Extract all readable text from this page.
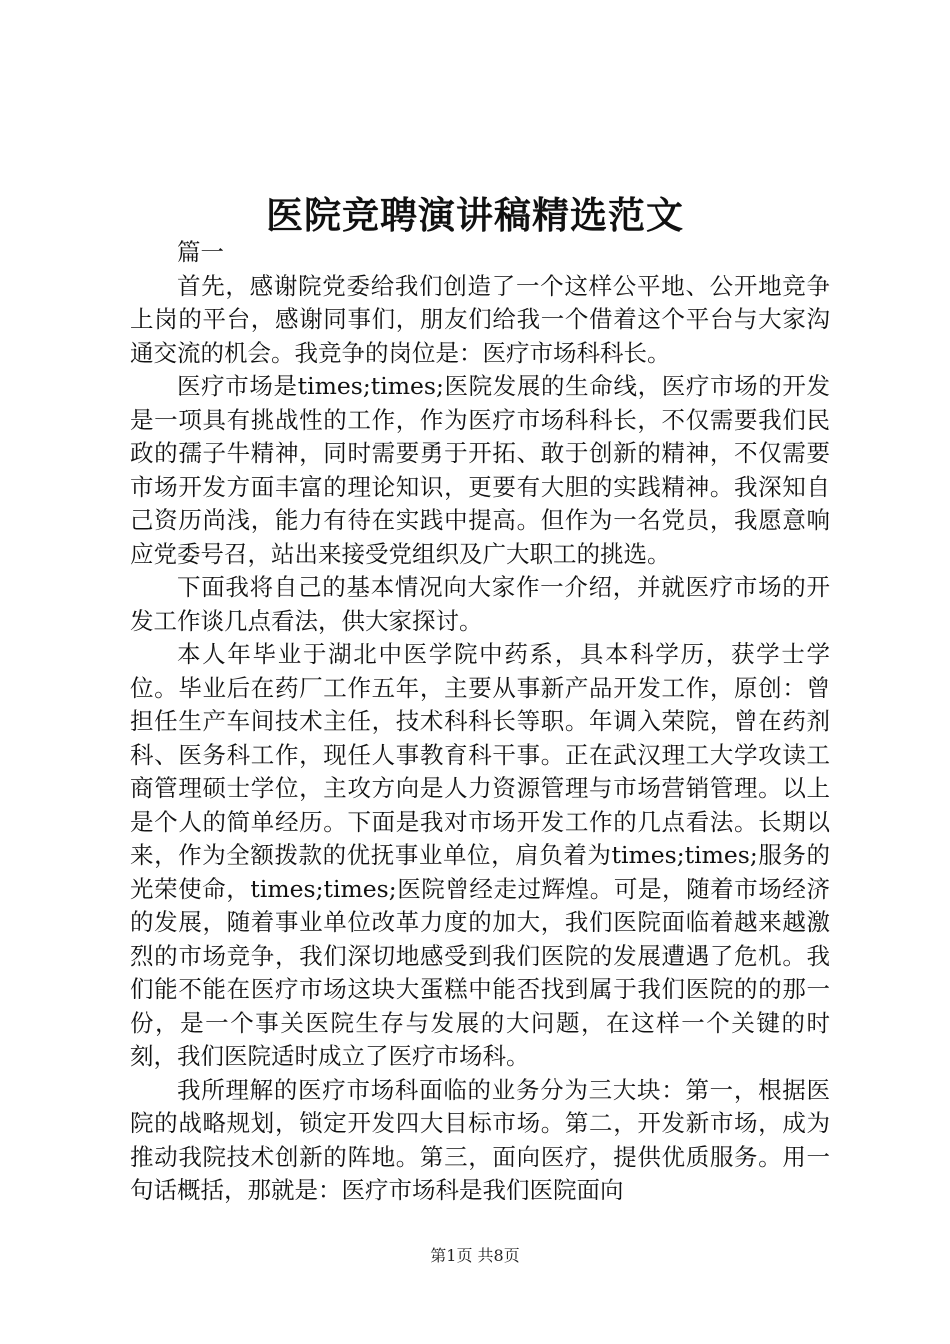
医院竞聘演讲稿精选范文

篇一

首先，感谢院党委给我们创造了一个这样公平地、公开地竞争上岗的平台，感谢同事们，朋友们给我一个借着这个平台与大家沟通交流的机会。我竞争的岗位是：医疗市场科科长。

医疗市场是times;times;医院发展的生命线，医疗市场的开发是一项具有挑战性的工作，作为医疗市场科科长，不仅需要我们民政的孺子牛精神，同时需要勇于开拓、敢于创新的精神，不仅需要市场开发方面丰富的理论知识，更要有大胆的实践精神。我深知自己资历尚浅，能力有待在实践中提高。但作为一名党员，我愿意响应党委号召，站出来接受党组织及广大职工的挑选。

下面我将自己的基本情况向大家作一介绍，并就医疗市场的开发工作谈几点看法，供大家探讨。

本人年毕业于湖北中医学院中药系，具本科学历，获学士学位。毕业后在药厂工作五年，主要从事新产品开发工作，原创：曾担任生产车间技术主任，技术科科长等职。年调入荣院，曾在药剂科、医务科工作，现任人事教育科干事。正在武汉理工大学攻读工商管理硕士学位，主攻方向是人力资源管理与市场营销管理。以上是个人的简单经历。下面是我对市场开发工作的几点看法。长期以来，作为全额拨款的优抚事业单位，肩负着为times;times;服务的光荣使命，times;times;医院曾经走过辉煌。可是，随着市场经济的发展，随着事业单位改革力度的加大，我们医院面临着越来越激烈的市场竞争，我们深切地感受到我们医院的发展遭遇了危机。我们能不能在医疗市场这块大蛋糕中能否找到属于我们医院的的那一份，是一个事关医院生存与发展的大问题，在这样一个关键的时刻，我们医院适时成立了医疗市场科。

我所理解的医疗市场科面临的业务分为三大块：第一，根据医院的战略规划，锁定开发四大目标市场。第二，开发新市场，成为推动我院技术创新的阵地。第三，面向医疗，提供优质服务。用一句话概括，那就是：医疗市场科是我们医院面向

第1页 共8页
